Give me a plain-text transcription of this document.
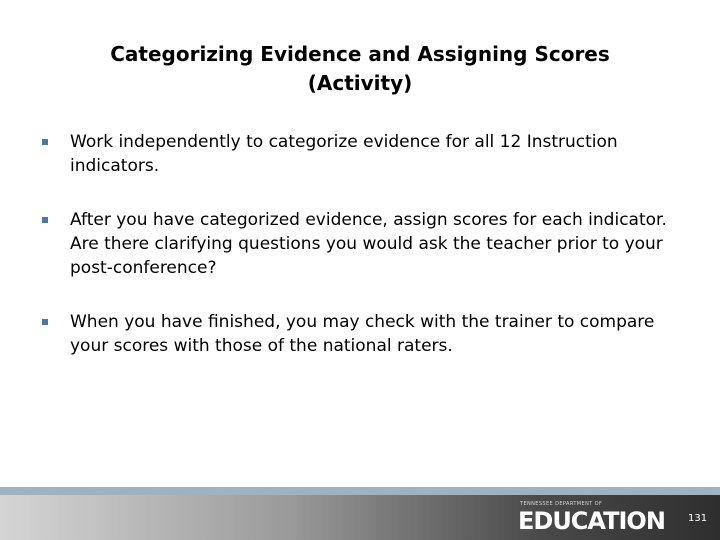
Categorizing Evidence and Assigning Scores
(Activity)
Work independently to categorize evidence for all 12 Instruction indicators.
After you have categorized evidence, assign scores for each indicator. Are there clarifying questions you would ask the teacher prior to your post-conference?
When you have finished, you may check with the trainer to compare your scores with those of the national raters.
TENNESSEE DEPARTMENT OF
EDUCATION 131
